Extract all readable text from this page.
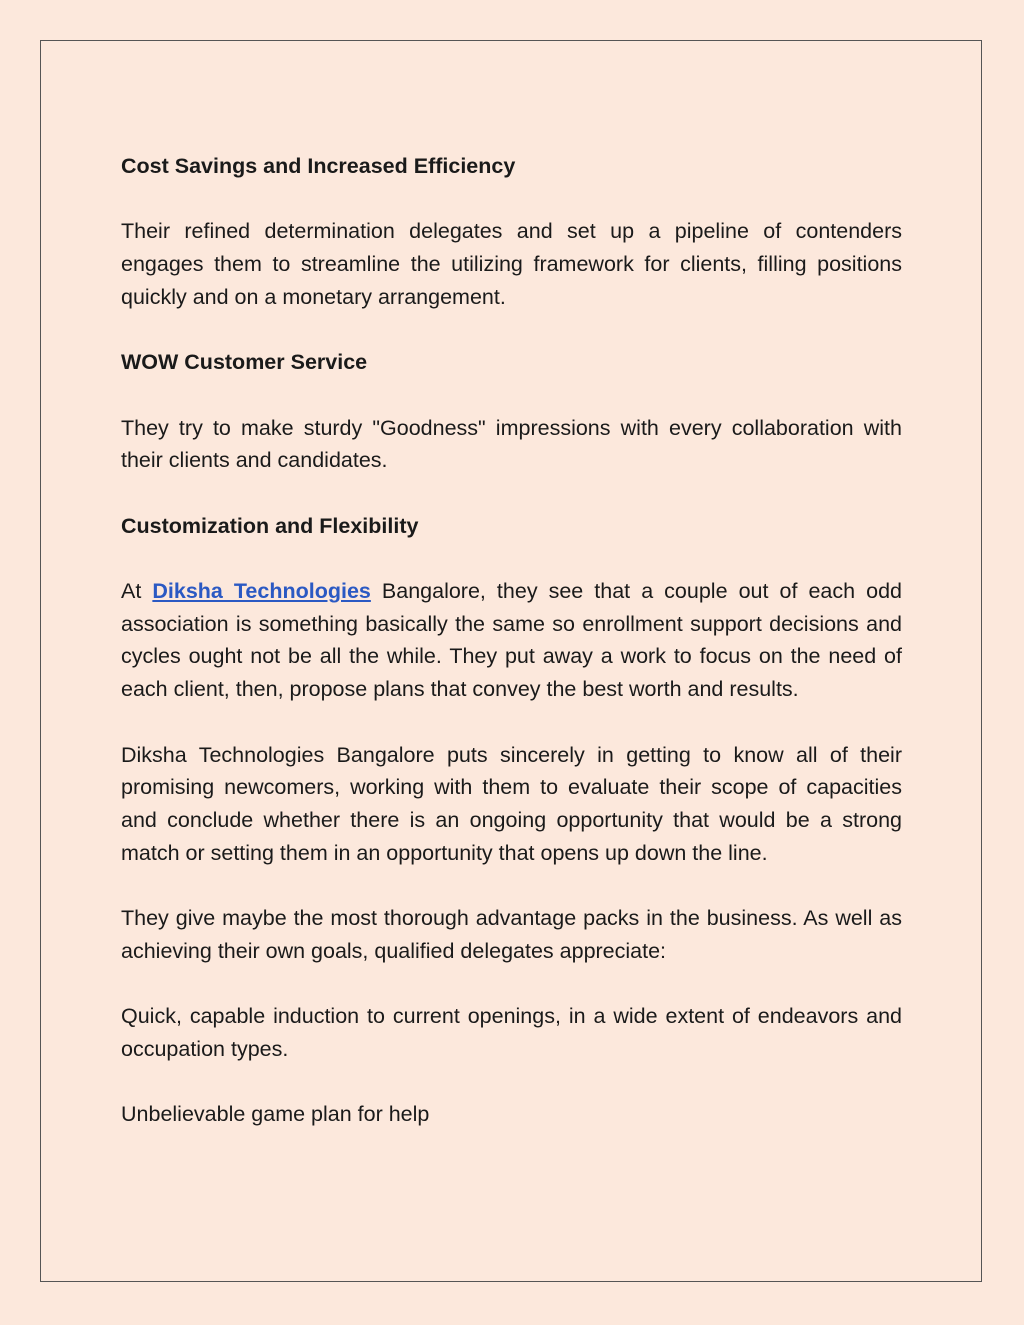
Cost Savings and Increased Efficiency

Their refined determination delegates and set up a pipeline of contenders engages them to streamline the utilizing framework for clients, filling positions quickly and on a monetary arrangement.

WOW Customer Service

They try to make sturdy "Goodness" impressions with every collaboration with their clients and candidates.

Customization and Flexibility

At Diksha Technologies Bangalore, they see that a couple out of each odd association is something basically the same so enrollment support decisions and cycles ought not be all the while. They put away a work to focus on the need of each client, then, propose plans that convey the best worth and results.

Diksha Technologies Bangalore puts sincerely in getting to know all of their promising newcomers, working with them to evaluate their scope of capacities and conclude whether there is an ongoing opportunity that would be a strong match or setting them in an opportunity that opens up down the line.

They give maybe the most thorough advantage packs in the business. As well as achieving their own goals, qualified delegates appreciate:

Quick, capable induction to current openings, in a wide extent of endeavors and occupation types.

Unbelievable game plan for help
